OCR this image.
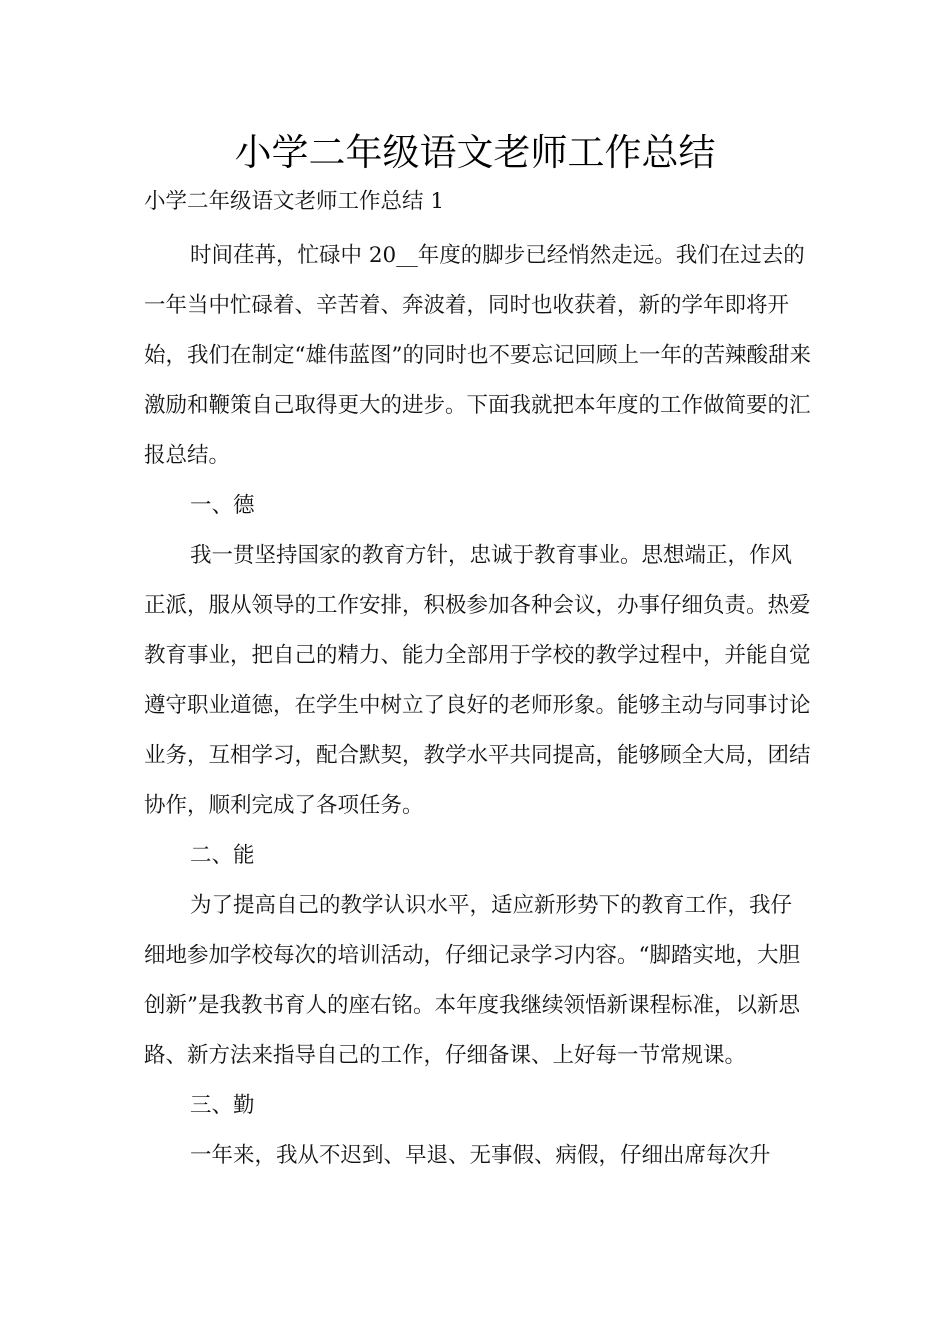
小学二年级语文老师工作总结

小学二年级语文老师工作总结 1

时间荏苒，忙碌中 20__年度的脚步已经悄然走远。我们在过去的一年当中忙碌着、辛苦着、奔波着，同时也收获着，新的学年即将开始，我们在制定“雄伟蓝图”的同时也不要忘记回顾上一年的苦辣酸甜来激励和鞭策自己取得更大的进步。下面我就把本年度的工作做简要的汇报总结。

一、德

我一贯坚持国家的教育方针，忠诚于教育事业。思想端正，作风正派，服从领导的工作安排，积极参加各种会议，办事仔细负责。热爱教育事业，把自己的精力、能力全部用于学校的教学过程中，并能自觉遵守职业道德，在学生中树立了良好的老师形象。能够主动与同事讨论业务，互相学习，配合默契，教学水平共同提高，能够顾全大局，团结协作，顺利完成了各项任务。

二、能

为了提高自己的教学认识水平，适应新形势下的教育工作，我仔细地参加学校每次的培训活动，仔细记录学习内容。“脚踏实地，大胆创新”是我教书育人的座右铭。本年度我继续领悟新课程标准，以新思路、新方法来指导自己的工作，仔细备课、上好每一节常规课。

三、勤

一年来，我从不迟到、早退、无事假、病假，仔细出席每次升
